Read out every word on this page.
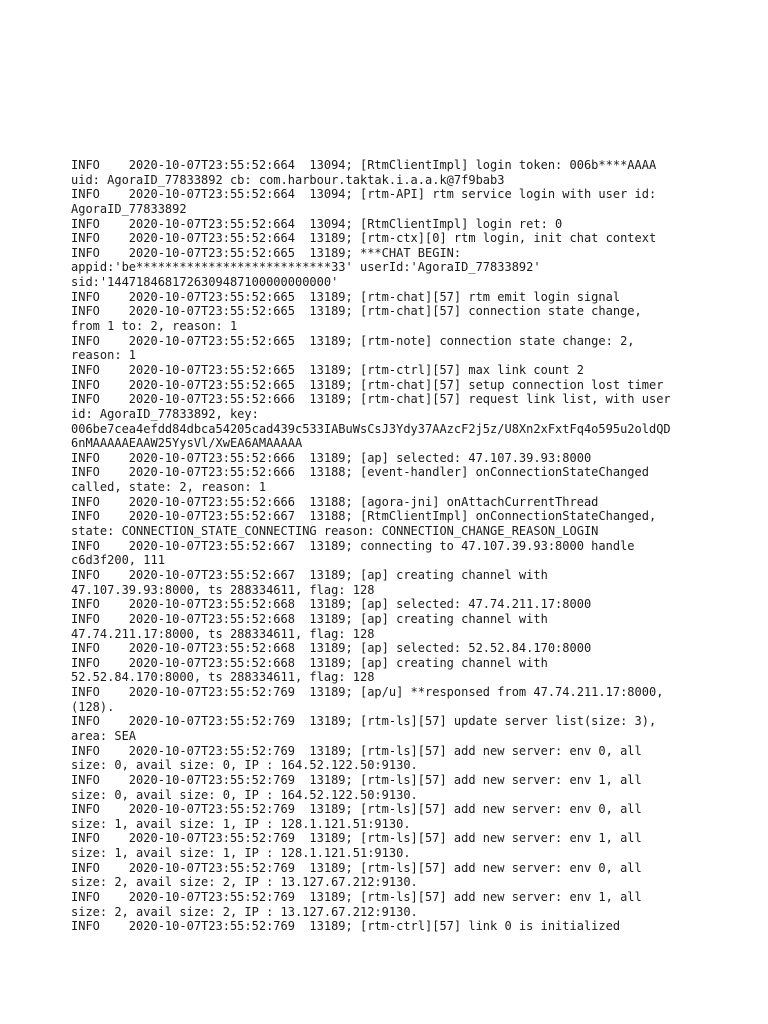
INFO    2020-10-07T23:55:52:664  13094; [RtmClientImpl] login token: 006b****AAAA
uid: AgoraID_77833892 cb: com.harbour.taktak.i.a.a.k@7f9bab3
INFO    2020-10-07T23:55:52:664  13094; [rtm-API] rtm service login with user id:
AgoraID_77833892
INFO    2020-10-07T23:55:52:664  13094; [RtmClientImpl] login ret: 0
INFO    2020-10-07T23:55:52:664  13189; [rtm-ctx][0] rtm login, init chat context
INFO    2020-10-07T23:55:52:665  13189; ***CHAT BEGIN:
appid:'be***************************33' userId:'AgoraID_77833892'
sid:'1447184681726309487100000000000'
INFO    2020-10-07T23:55:52:665  13189; [rtm-chat][57] rtm emit login signal
INFO    2020-10-07T23:55:52:665  13189; [rtm-chat][57] connection state change,
from 1 to: 2, reason: 1
INFO    2020-10-07T23:55:52:665  13189; [rtm-note] connection state change: 2,
reason: 1
INFO    2020-10-07T23:55:52:665  13189; [rtm-ctrl][57] max link count 2
INFO    2020-10-07T23:55:52:665  13189; [rtm-chat][57] setup connection lost timer
INFO    2020-10-07T23:55:52:666  13189; [rtm-chat][57] request link list, with user
id: AgoraID_77833892, key:
006be7cea4efdd84dbca54205cad439c533IABuWsCsJ3Ydy37AAzcF2j5z/U8Xn2xFxtFq4o595u2oldQD
6nMAAAAAEAAW25YysVl/XwEA6AMAAAAA
INFO    2020-10-07T23:55:52:666  13189; [ap] selected: 47.107.39.93:8000
INFO    2020-10-07T23:55:52:666  13188; [event-handler] onConnectionStateChanged
called, state: 2, reason: 1
INFO    2020-10-07T23:55:52:666  13188; [agora-jni] onAttachCurrentThread
INFO    2020-10-07T23:55:52:667  13188; [RtmClientImpl] onConnectionStateChanged,
state: CONNECTION_STATE_CONNECTING reason: CONNECTION_CHANGE_REASON_LOGIN
INFO    2020-10-07T23:55:52:667  13189; connecting to 47.107.39.93:8000 handle
c6d3f200, 111
INFO    2020-10-07T23:55:52:667  13189; [ap] creating channel with
47.107.39.93:8000, ts 288334611, flag: 128
INFO    2020-10-07T23:55:52:668  13189; [ap] selected: 47.74.211.17:8000
INFO    2020-10-07T23:55:52:668  13189; [ap] creating channel with
47.74.211.17:8000, ts 288334611, flag: 128
INFO    2020-10-07T23:55:52:668  13189; [ap] selected: 52.52.84.170:8000
INFO    2020-10-07T23:55:52:668  13189; [ap] creating channel with
52.52.84.170:8000, ts 288334611, flag: 128
INFO    2020-10-07T23:55:52:769  13189; [ap/u] **responsed from 47.74.211.17:8000,
(128).
INFO    2020-10-07T23:55:52:769  13189; [rtm-ls][57] update server list(size: 3),
area: SEA
INFO    2020-10-07T23:55:52:769  13189; [rtm-ls][57] add new server: env 0, all
size: 0, avail size: 0, IP : 164.52.122.50:9130.
INFO    2020-10-07T23:55:52:769  13189; [rtm-ls][57] add new server: env 1, all
size: 0, avail size: 0, IP : 164.52.122.50:9130.
INFO    2020-10-07T23:55:52:769  13189; [rtm-ls][57] add new server: env 0, all
size: 1, avail size: 1, IP : 128.1.121.51:9130.
INFO    2020-10-07T23:55:52:769  13189; [rtm-ls][57] add new server: env 1, all
size: 1, avail size: 1, IP : 128.1.121.51:9130.
INFO    2020-10-07T23:55:52:769  13189; [rtm-ls][57] add new server: env 0, all
size: 2, avail size: 2, IP : 13.127.67.212:9130.
INFO    2020-10-07T23:55:52:769  13189; [rtm-ls][57] add new server: env 1, all
size: 2, avail size: 2, IP : 13.127.67.212:9130.
INFO    2020-10-07T23:55:52:769  13189; [rtm-ctrl][57] link 0 is initialized
